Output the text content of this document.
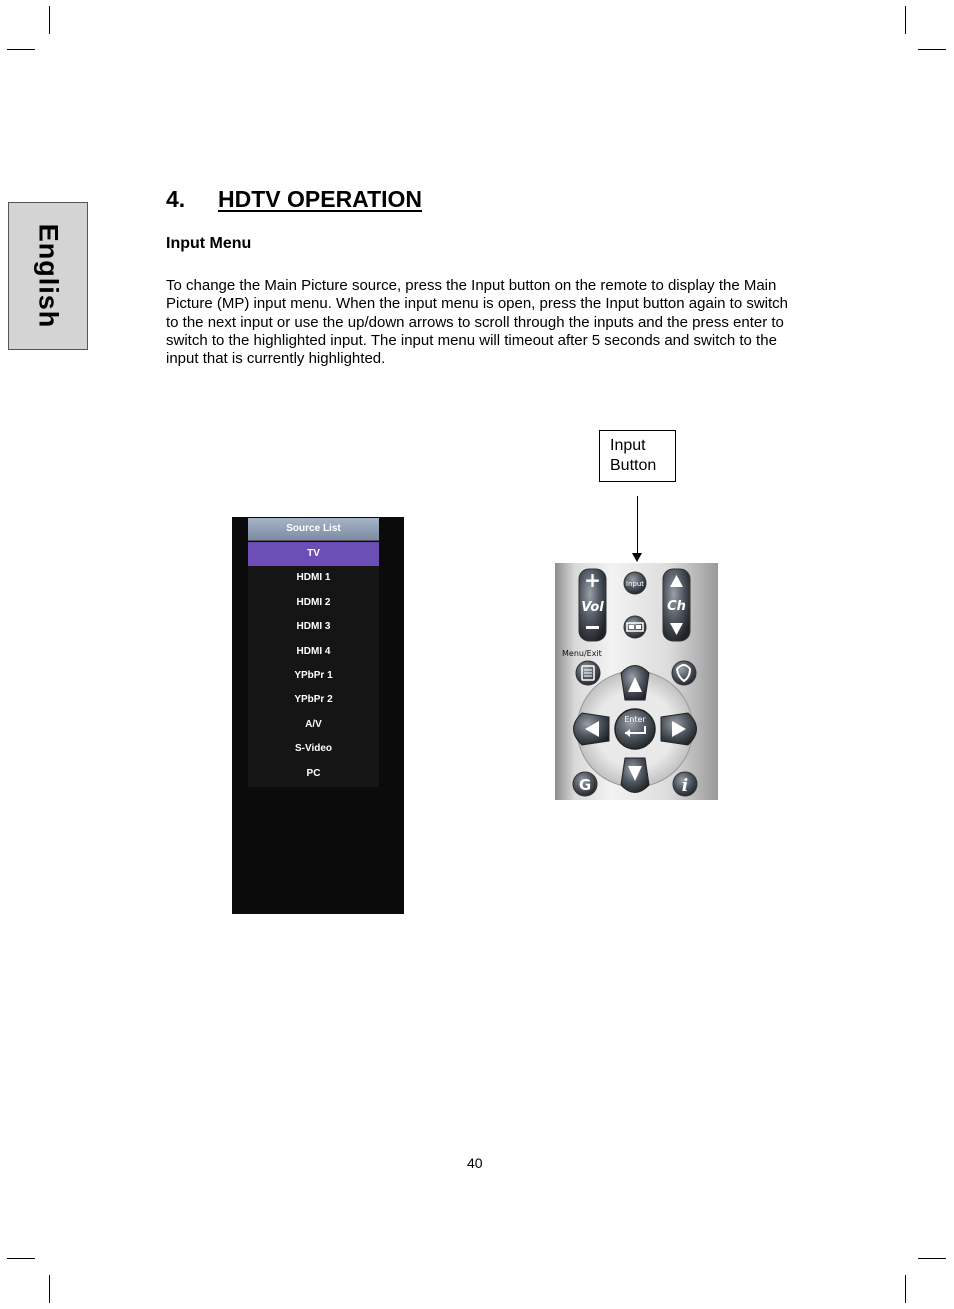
English
4. HDTV OPERATION
Input Menu
To change the Main Picture source, press the Input button on the remote to display the Main Picture (MP) input menu. When the input menu is open, press the Input button again to switch to the next input or use the up/down arrows to scroll through the inputs and the press enter to switch to the highlighted input. The input menu will timeout after 5 seconds and switch to the input that is currently highlighted.
Input
Button
Source List
TV
HDMI 1
HDMI 2
HDMI 3
HDMI 4
YPbPr 1
YPbPr 2
A/V
S-Video
PC
+
Vol	Ch
Input
Menu/Exit
Enter
G	i
40
